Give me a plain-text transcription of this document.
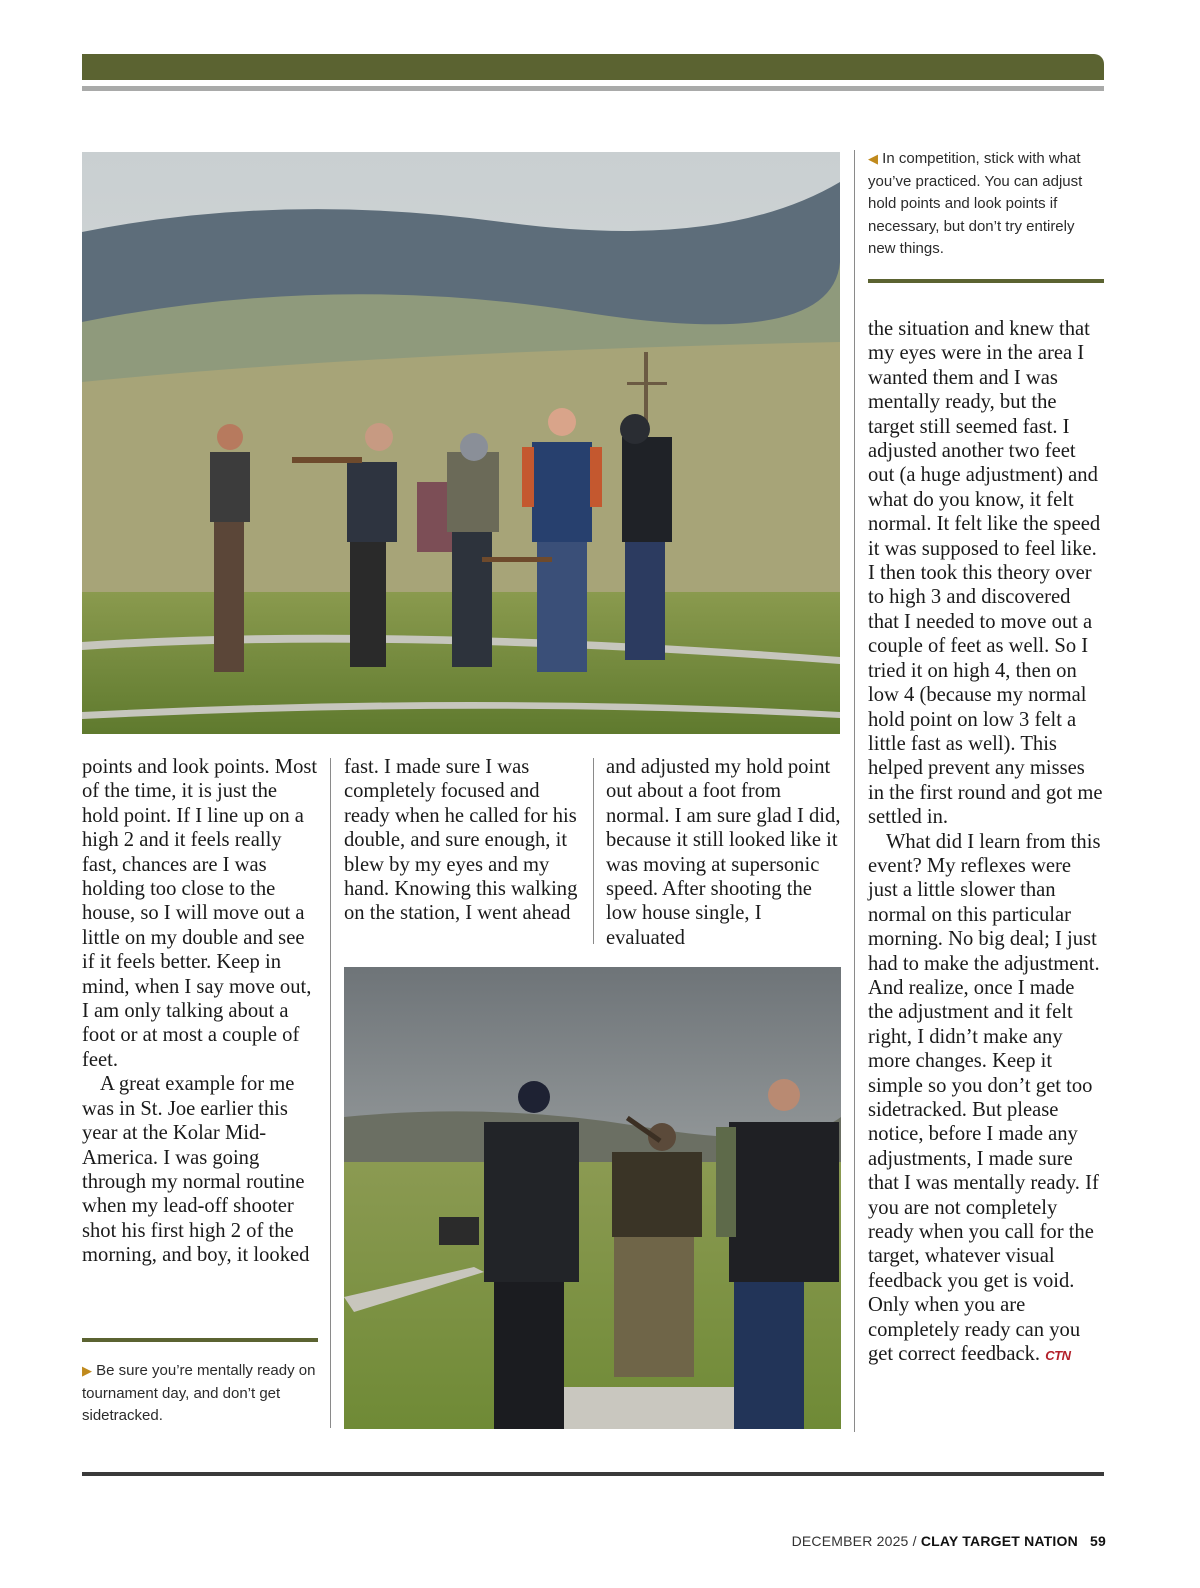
◀ In competition, stick with what you’ve practiced. You can adjust hold points and look points if necessary, but don’t try entirely new things.

points and look points. Most of the time, it is just the hold point. If I line up on a high 2 and it feels really fast, chances are I was holding too close to the house, so I will move out a little on my double and see if it feels better. Keep in mind, when I say move out, I am only talking about a foot or at most a couple of feet.

A great example for me was in St. Joe earlier this year at the Kolar Mid-America. I was going through my normal routine when my lead-off shooter shot his first high 2 of the morning, and boy, it looked

▶ Be sure you’re mentally ready on tournament day, and don’t get sidetracked.

fast. I made sure I was completely focused and ready when he called for his double, and sure enough, it blew by my eyes and my hand. Knowing this walking on the station, I went ahead

and adjusted my hold point out about a foot from normal. I am sure glad I did, because it still looked like it was moving at supersonic speed. After shooting the low house single, I evaluated

the situation and knew that my eyes were in the area I wanted them and I was mentally ready, but the target still seemed fast. I adjusted another two feet out (a huge adjustment) and what do you know, it felt normal. It felt like the speed it was supposed to feel like. I then took this theory over to high 3 and discovered that I needed to move out a couple of feet as well. So I tried it on high 4, then on low 4 (because my normal hold point on low 3 felt a little fast as well). This helped prevent any misses in the first round and got me settled in.

What did I learn from this event? My reflexes were just a little slower than normal on this particular morning. No big deal; I just had to make the adjustment. And realize, once I made the adjustment and it felt right, I didn’t make any more changes. Keep it simple so you don’t get too sidetracked. But please notice, before I made any adjustments, I made sure that I was mentally ready. If you are not completely ready when you call for the target, whatever visual feedback you get is void. Only when you are completely ready can you get correct feedback. CTN

DECEMBER 2025 / CLAY TARGET NATION 59
